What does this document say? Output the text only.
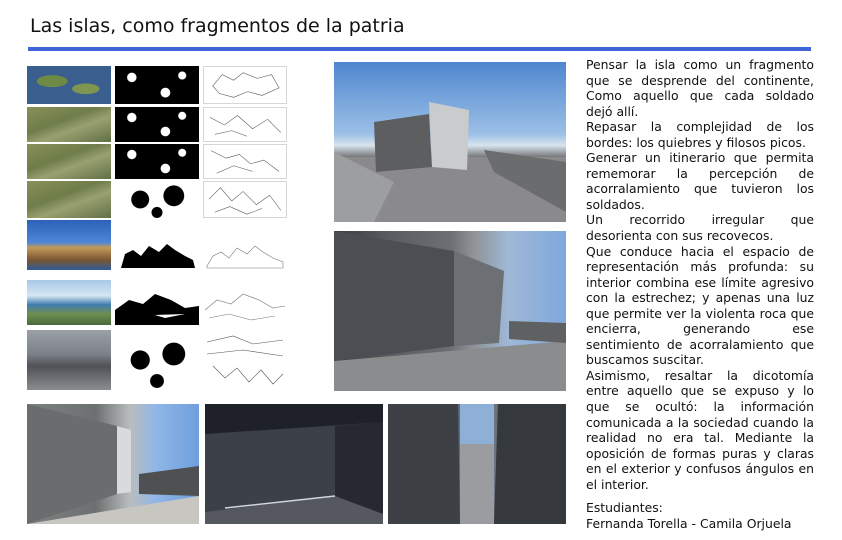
Las islas, como fragmentos de la patria

Pensar la isla como un fragmento que se desprende del continente, Como aquello que cada soldado dejó allí.

Repasar la complejidad de los bordes: los quiebres y filosos picos.

Generar un itinerario que permita rememorar la percepción de acorralamiento que tuvieron los soldados.

Un recorrido irregular que desorienta con sus recovecos.

Que conduce hacia el espacio de representación más profunda: su interior combina ese límite agresivo con la estrechez; y apenas una luz que permite ver la violenta roca que encierra, generando ese sentimiento de acorralamiento que buscamos suscitar.

Asimismo, resaltar la dicotomía entre aquello que se expuso y lo que se ocultó: la información comunicada a la sociedad cuando la realidad no era tal. Mediante la oposición de formas puras y claras en el exterior y confusos ángulos en el interior.

Estudiantes:
Fernanda Torella - Camila Orjuela
